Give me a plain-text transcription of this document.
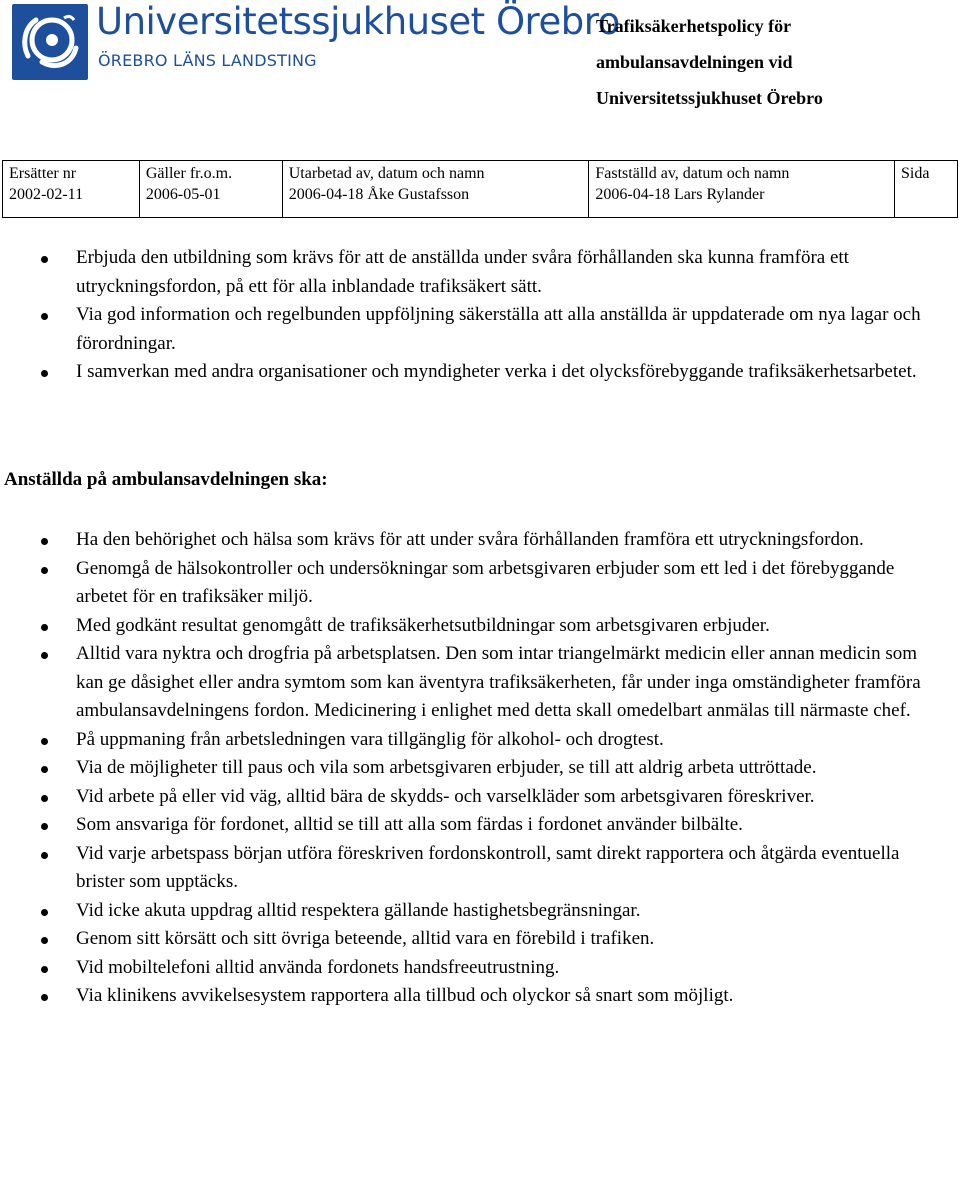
Universitetssjukhuset Örebro
ÖREBRO LÄNS LANDSTING
Trafiksäkerhetspolicy för
ambulansavdelningen vid
Universitetssjukhuset Örebro
Ersätter nr
2002-02-11

Gäller fr.o.m.
2006-05-01

Utarbetad av, datum och namn
2006-04-18 Åke Gustafsson

Fastställd av, datum och namn
2006-04-18 Lars Rylander

Sida
Erbjuda den utbildning som krävs för att de anställda under svåra förhållanden ska kunna framföra ett utryckningsfordon, på ett för alla inblandade trafiksäkert sätt.
Via god information och regelbunden uppföljning säkerställa att alla anställda är uppdaterade om nya lagar och förordningar.
I samverkan med andra organisationer och myndigheter verka i det olycksförebyggande trafiksäkerhetsarbetet.
Anställda på ambulansavdelningen ska:
Ha den behörighet och hälsa som krävs för att under svåra förhållanden framföra ett utryckningsfordon.
Genomgå de hälsokontroller och undersökningar som arbetsgivaren erbjuder som ett led i det förebyggande arbetet för en trafiksäker miljö.
Med godkänt resultat genomgått de trafiksäkerhetsutbildningar som arbetsgivaren erbjuder.
Alltid vara nyktra och drogfria på arbetsplatsen. Den som intar triangelmärkt medicin eller annan medicin som kan ge dåsighet eller andra symtom som kan äventyra trafiksäkerheten, får under inga omständigheter framföra ambulansavdelningens fordon. Medicinering i enlighet med detta skall omedelbart anmälas till närmaste chef.
På uppmaning från arbetsledningen vara tillgänglig för alkohol- och drogtest.
Via de möjligheter till paus och vila som arbetsgivaren erbjuder, se till att aldrig arbeta uttröttade.
Vid arbete på eller vid väg, alltid bära de skydds- och varselkläder som arbetsgivaren föreskriver.
Som ansvariga för fordonet, alltid se till att alla som färdas i fordonet använder bilbälte.
Vid varje arbetspass början utföra föreskriven fordonskontroll, samt direkt rapportera och åtgärda eventuella brister som upptäcks.
Vid icke akuta uppdrag alltid respektera gällande hastighetsbegränsningar.
Genom sitt körsätt och sitt övriga beteende, alltid vara en förebild i trafiken.
Vid mobiltelefoni alltid använda fordonets handsfreeutrustning.
Via klinikens avvikelsesystem rapportera alla tillbud och olyckor så snart som möjligt.
